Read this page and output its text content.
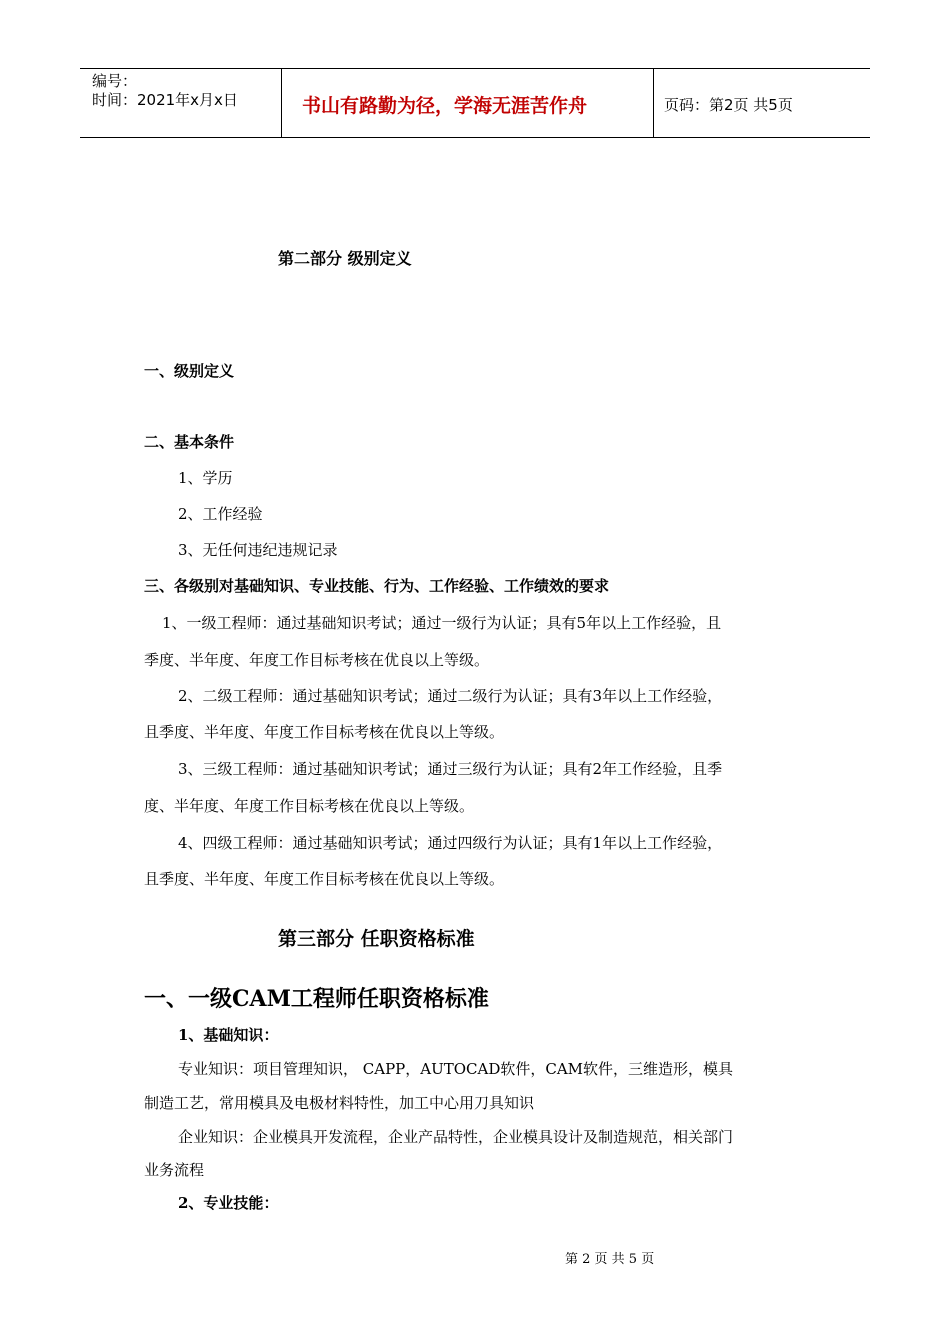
编号：
时间：2021年x月x日	书山有路勤为径，学海无涯苦作舟	页码：第2页 共5页
第二部分 级别定义
一、级别定义
二、基本条件
1、学历
2、工作经验
3、无任何违纪违规记录
三、各级别对基础知识、专业技能、行为、工作经验、工作绩效的要求
1、一级工程师：通过基础知识考试；通过一级行为认证；具有5年以上工作经验，且
季度、半年度、年度工作目标考核在优良以上等级。
2、二级工程师：通过基础知识考试；通过二级行为认证；具有3年以上工作经验，
且季度、半年度、年度工作目标考核在优良以上等级。
3、三级工程师：通过基础知识考试；通过三级行为认证；具有2年工作经验，且季
度、半年度、年度工作目标考核在优良以上等级。
4、四级工程师：通过基础知识考试；通过四级行为认证；具有1年以上工作经验，
且季度、半年度、年度工作目标考核在优良以上等级。
第三部分 任职资格标准
一、一级CAM工程师任职资格标准
1、基础知识：
专业知识：项目管理知识， CAPP，AUTOCAD软件，CAM软件，三维造形，模具
制造工艺，常用模具及电极材料特性，加工中心用刀具知识
企业知识：企业模具开发流程，企业产品特性，企业模具设计及制造规范，相关部门
业务流程
2、专业技能：
第 2 页 共 5 页
